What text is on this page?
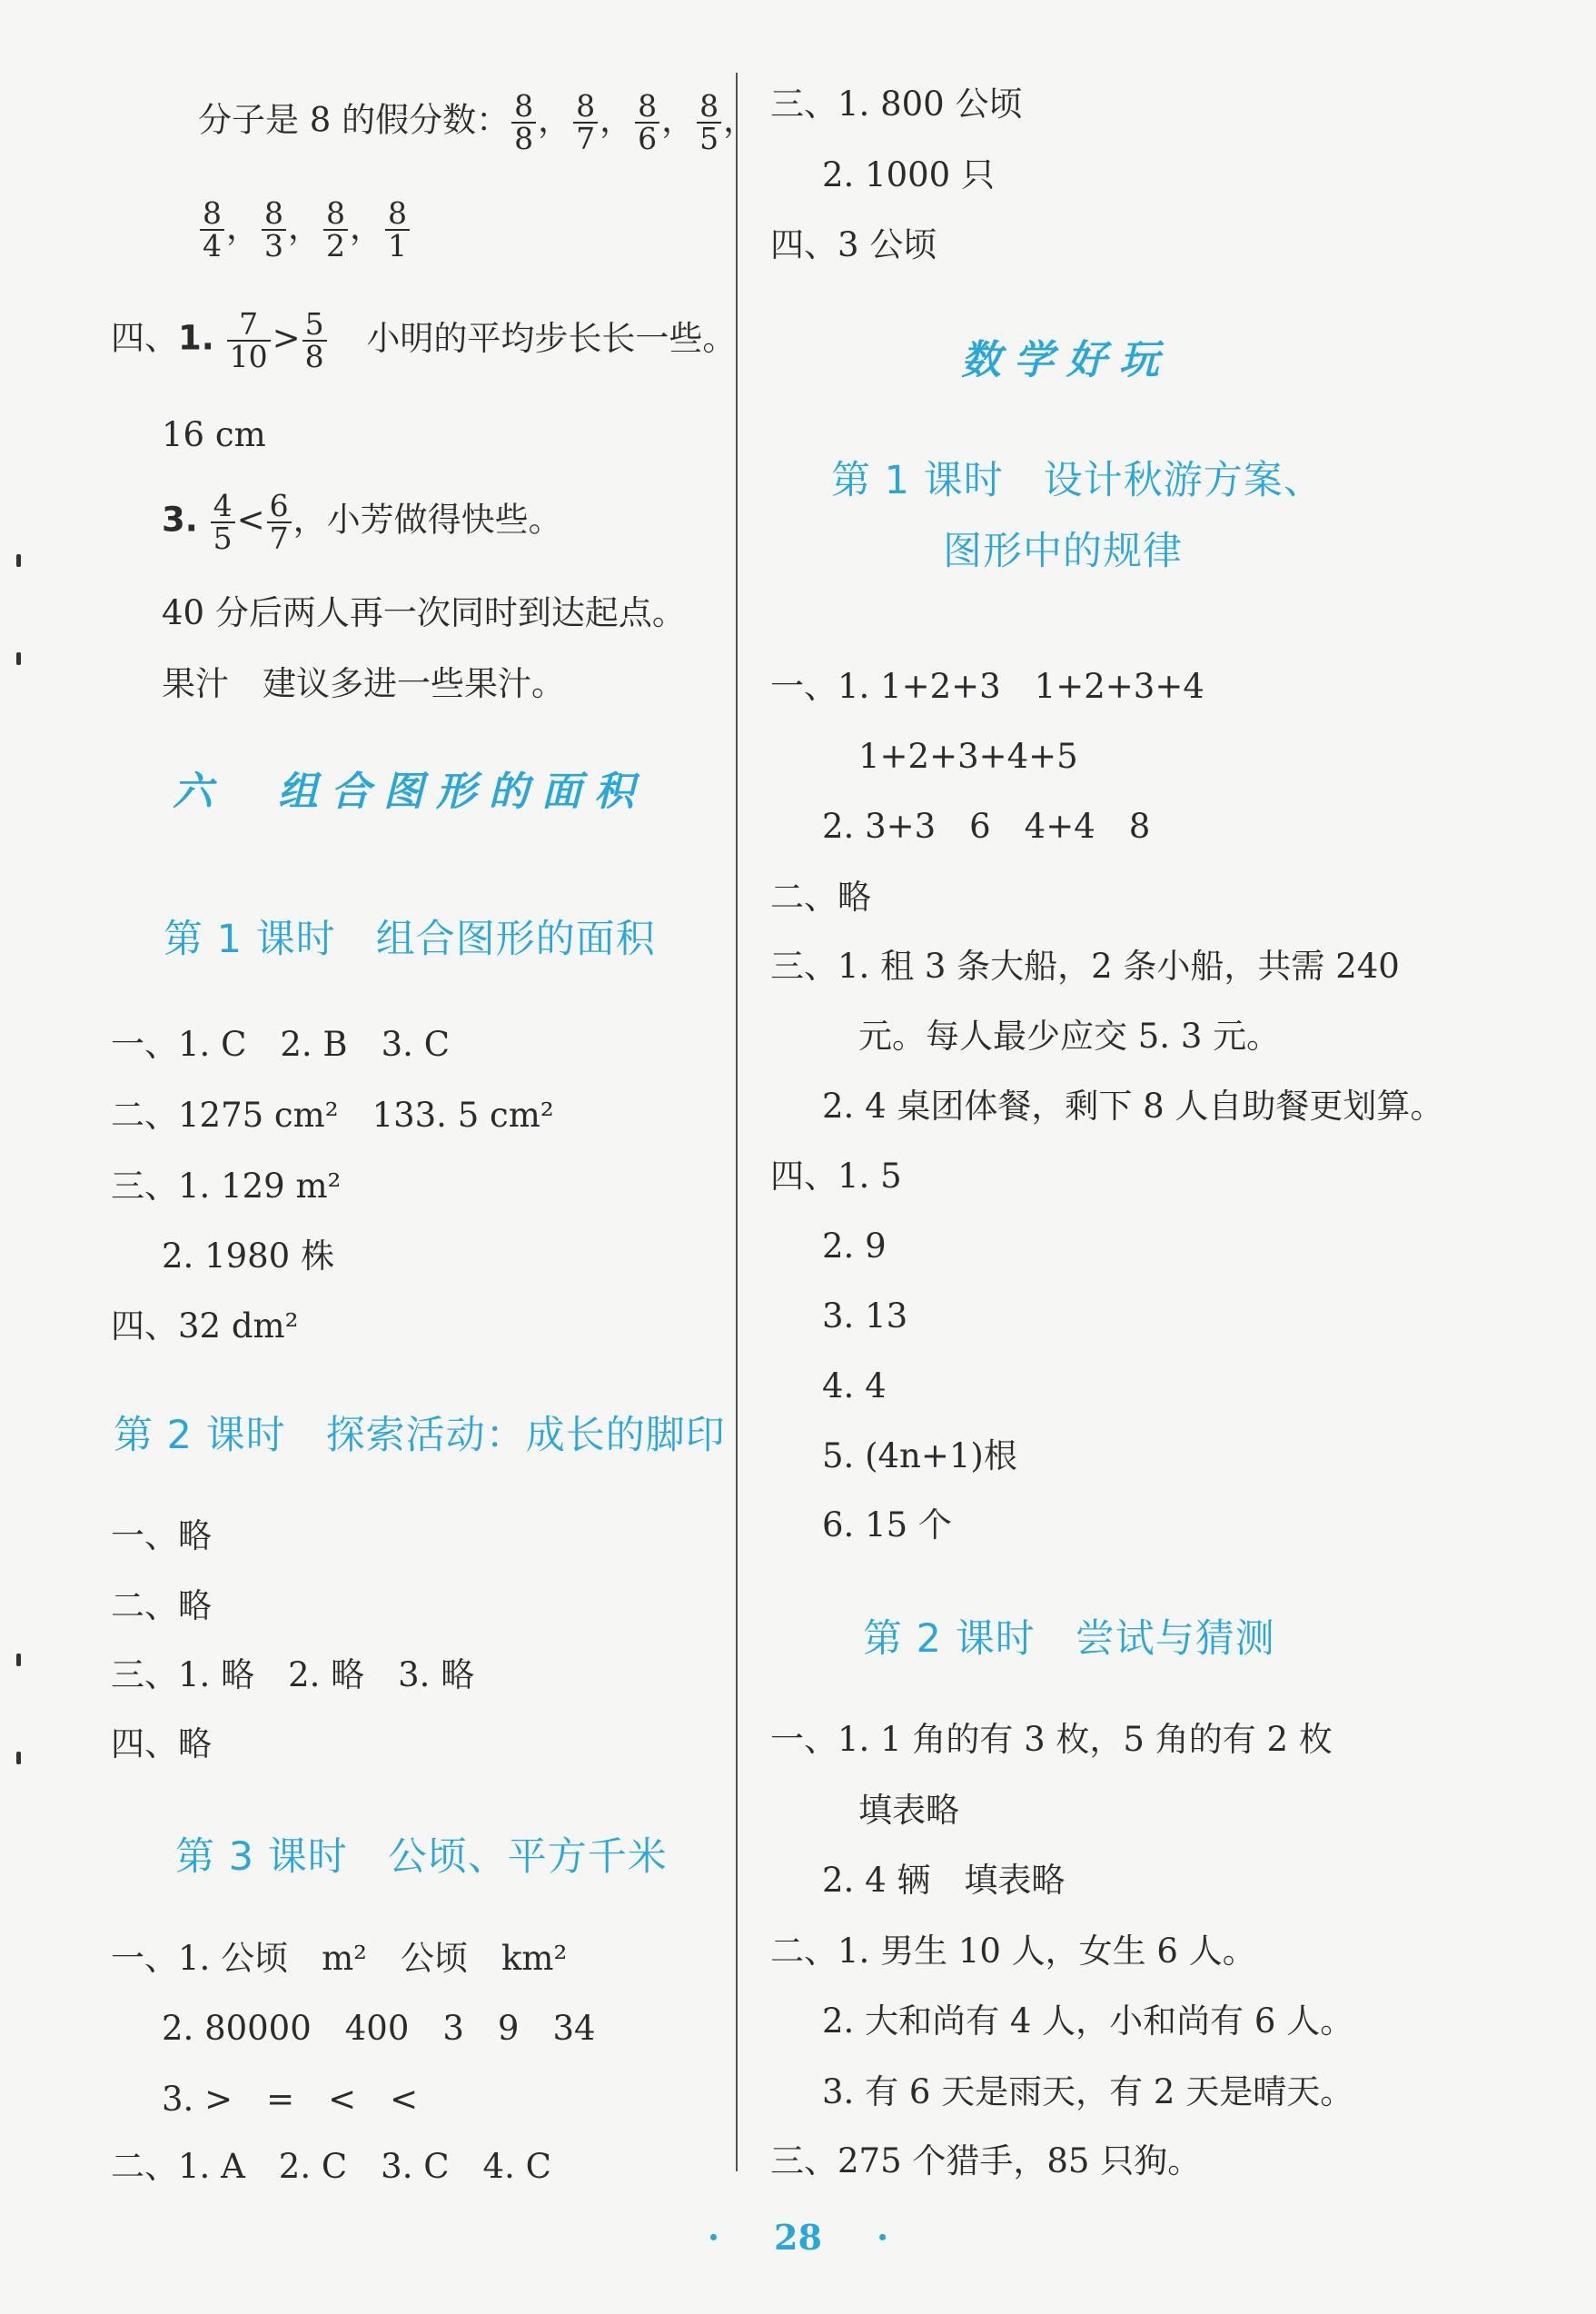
分子是 8 的假分数： $\frac{8}{8}$ ， $\frac{8}{7}$ ， $\frac{8}{6}$ ， $\frac{8}{5}$ ，
$\frac{8}{4}$ ， $\frac{8}{3}$ ， $\frac{8}{2}$ ， $\frac{8}{1}$
四、1. $\frac{7}{10} > \frac{5}{8}$ 小明的平均步长长一些。
16 cm
3. $\frac{4}{5} < \frac{6}{7}$ ，小芳做得快些。
40 分后两人再一次同时到达起点。
果汁　建议多进一些果汁。
六　组合图形的面积
第 1 课时　组合图形的面积
一、1. C　2. B　3. C
二、1275 cm²　133. 5 cm²
三、1. 129 m²
2. 1980 株
四、32 dm²
第 2 课时　探索活动：成长的脚印
一、略
二、略
三、1. 略　2. 略　3. 略
四、略
第 3 课时　公顷、平方千米
一、1. 公顷　m²　公顷　km²
2. 80000　400　3　9　34
3. >　=　<　<
二、1. A　2. C　3. C　4. C
三、1. 800 公顷
2. 1000 只
四、3 公顷
数学好玩
第 1 课时　设计秋游方案、
图形中的规律
一、1. 1+2+3　1+2+3+4
1+2+3+4+5
2. 3+3　6　4+4　8
二、略
三、1. 租 3 条大船，2 条小船，共需 240
元。每人最少应交 5. 3 元。
2. 4 桌团体餐，剩下 8 人自助餐更划算。
四、1. 5
2. 9
3. 13
4. 4
5. (4n+1)根
6. 15 个
第 2 课时　尝试与猜测
一、1. 1 角的有 3 枚，5 角的有 2 枚
填表略
2. 4 辆　填表略
二、1. 男生 10 人，女生 6 人。
2. 大和尚有 4 人，小和尚有 6 人。
3. 有 6 天是雨天，有 2 天是晴天。
三、275 个猎手，85 只狗。
· 28 ·
